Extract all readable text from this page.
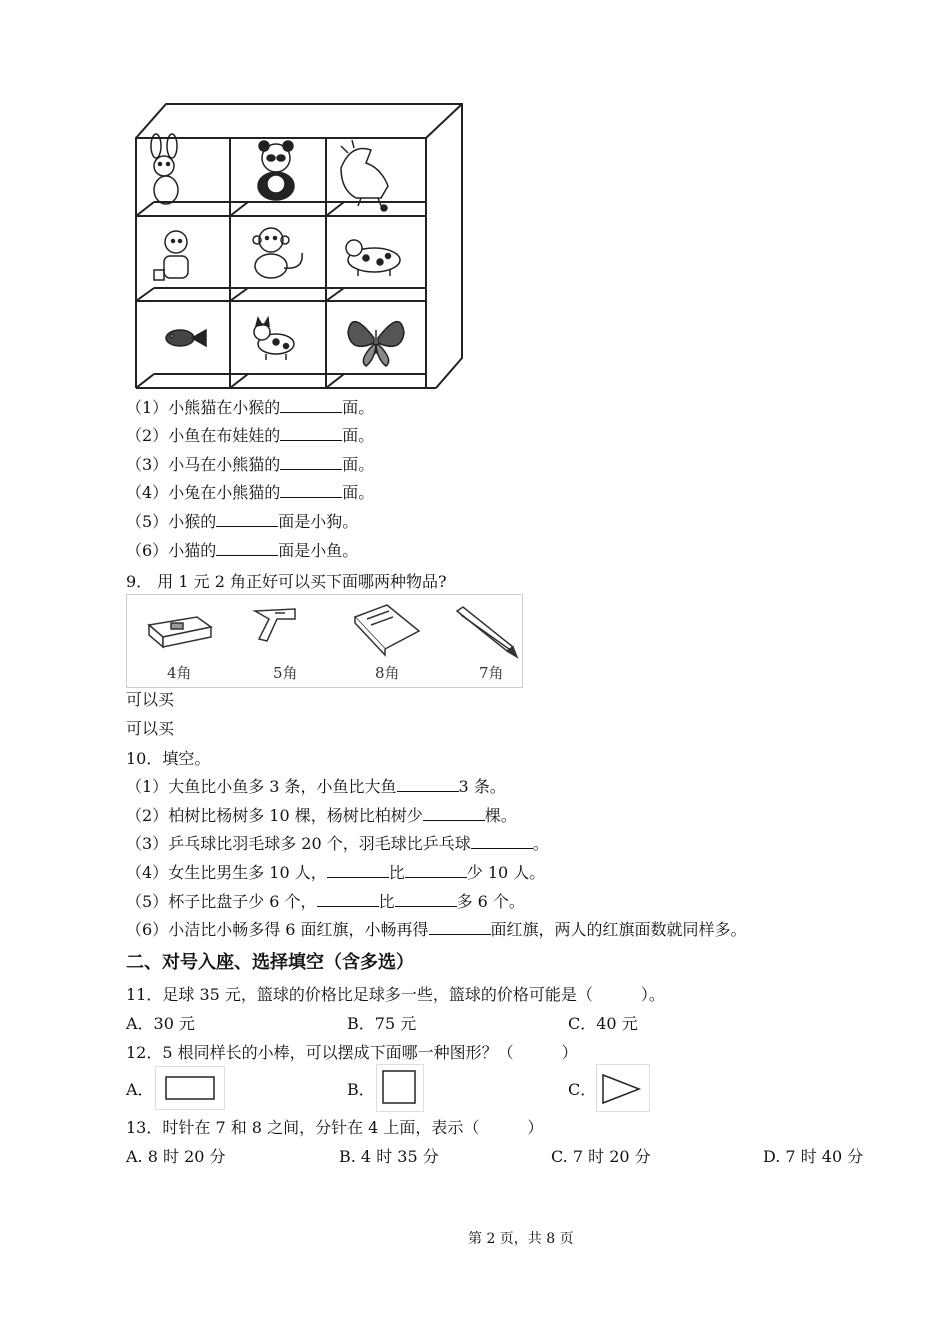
（1）小熊猫在小猴的	面。
（2）小鱼在布娃娃的	面。
（3）小马在小熊猫的	面。
（4）小兔在小熊猫的	面。
（5）小猴的	面是小狗。
（6）小猫的	面是小鱼。
9． 用 1 元 2 角正好可以买下面哪两种物品?
4角	5角	8角	7角
可以买
可以买
10．填空。
（1）大鱼比小鱼多 3 条，小鱼比大鱼	3 条。
（2）柏树比杨树多 10 棵，杨树比柏树少	棵。
（3）乒乓球比羽毛球多 20 个，羽毛球比乒乓球	。
（4）女生比男生多 10 人，	比	少 10 人。
（5）杯子比盘子少 6 个，	比	多 6 个。
（6）小洁比小畅多得 6 面红旗，小畅再得	面红旗，两人的红旗面数就同样多。
二、对号入座、选择填空（含多选）
11．足球 35 元，篮球的价格比足球多一些，篮球的价格可能是（	）。
A．30 元	B．75 元	C．40 元
12．5 根同样长的小棒，可以摆成下面哪一种图形？（	）
A．	B．	C．
13．时针在 7 和 8 之间，分针在 4 上面，表示（	）
A. 8 时 20 分	B. 4 时 35 分	C. 7 时 20 分	D. 7 时 40 分
第 2 页，共 8 页
